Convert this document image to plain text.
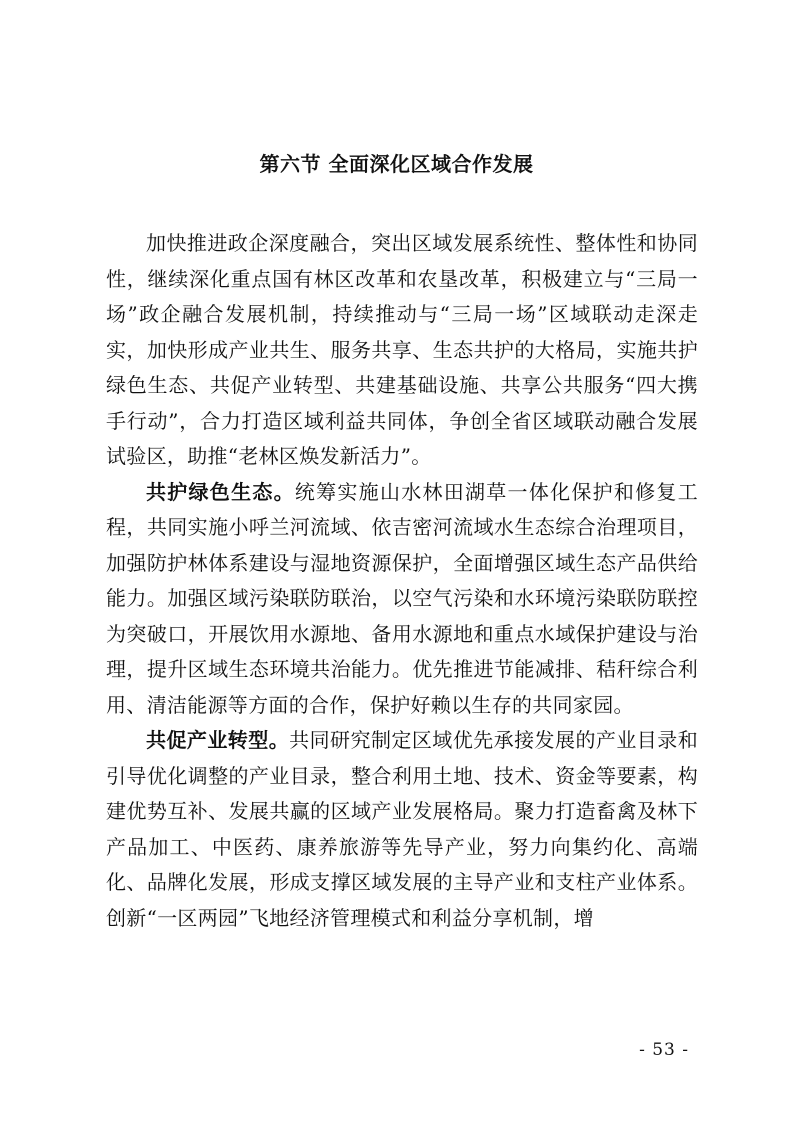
第六节 全面深化区域合作发展

加快推进政企深度融合，突出区域发展系统性、整体性和协同性，继续深化重点国有林区改革和农垦改革，积极建立与“三局一场”政企融合发展机制，持续推动与“三局一场”区域联动走深走实，加快形成产业共生、服务共享、生态共护的大格局，实施共护绿色生态、共促产业转型、共建基础设施、共享公共服务“四大携手行动”，合力打造区域利益共同体，争创全省区域联动融合发展试验区，助推“老林区焕发新活力”。

共护绿色生态。统筹实施山水林田湖草一体化保护和修复工程，共同实施小呼兰河流域、依吉密河流域水生态综合治理项目，加强防护林体系建设与湿地资源保护，全面增强区域生态产品供给能力。加强区域污染联防联治，以空气污染和水环境污染联防联控为突破口，开展饮用水源地、备用水源地和重点水域保护建设与治理，提升区域生态环境共治能力。优先推进节能减排、秸秆综合利用、清洁能源等方面的合作，保护好赖以生存的共同家园。

共促产业转型。共同研究制定区域优先承接发展的产业目录和引导优化调整的产业目录，整合利用土地、技术、资金等要素，构建优势互补、发展共赢的区域产业发展格局。聚力打造畜禽及林下产品加工、中医药、康养旅游等先导产业，努力向集约化、高端化、品牌化发展，形成支撑区域发展的主导产业和支柱产业体系。创新“一区两园”飞地经济管理模式和利益分享机制，增

- 53 -
